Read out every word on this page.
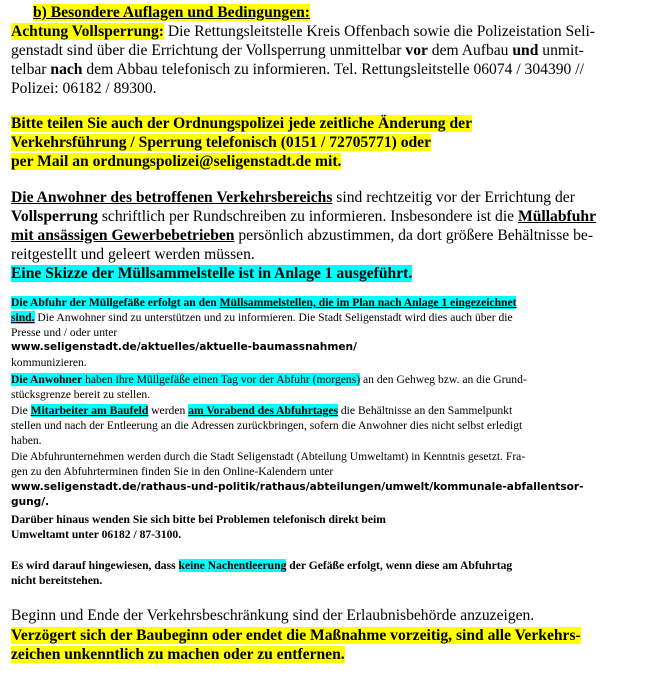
b) Besondere Auflagen und Bedingungen:
Achtung Vollsperrung: Die Rettungsleitstelle Kreis Offenbach sowie die Polizeistation Seli-
genstadt sind über die Errichtung der Vollsperrung unmittelbar vor dem Aufbau und unmit-
telbar nach dem Abbau telefonisch zu informieren. Tel. Rettungsleitstelle 06074 / 304390 //
Polizei: 06182 / 89300.
Bitte teilen Sie auch der Ordnungspolizei jede zeitliche Änderung der
Verkehrsführung / Sperrung telefonisch (0151 / 72705771) oder
per Mail an ordnungspolizei@seligenstadt.de mit.
Die Anwohner des betroffenen Verkehrsbereichs sind rechtzeitig vor der Errichtung der
Vollsperrung schriftlich per Rundschreiben zu informieren. Insbesondere ist die Müllabfuhr
mit ansässigen Gewerbebetrieben persönlich abzustimmen, da dort größere Behältnisse be-
reitgestellt und geleert werden müssen.
Eine Skizze der Müllsammelstelle ist in Anlage 1 ausgeführt.
Die Abfuhr der Müllgefäße erfolgt an den Müllsammelstellen, die im Plan nach Anlage 1 eingezeichnet
sind. Die Anwohner sind zu unterstützen und zu informieren. Die Stadt Seligenstadt wird dies auch über die
Presse und / oder unter
www.seligenstadt.de/aktuelles/aktuelle-baumassnahmen/
kommunizieren.
Die Anwohner haben ihre Müllgefäße einen Tag vor der Abfuhr (morgens) an den Gehweg bzw. an die Grund-
stücksgrenze bereit zu stellen.
Die Mitarbeiter am Baufeld werden am Vorabend des Abfuhrtages die Behältnisse an den Sammelpunkt
stellen und nach der Entleerung an die Adressen zurückbringen, sofern die Anwohner dies nicht selbst erledigt
haben.
Die Abfuhrunternehmen werden durch die Stadt Seligenstadt (Abteilung Umweltamt) in Kenntnis gesetzt. Fra-
gen zu den Abfuhrterminen finden Sie in den Online-Kalendern unter
www.seligenstadt.de/rathaus-und-politik/rathaus/abteilungen/umwelt/kommunale-abfallentsor-
gung/.
Darüber hinaus wenden Sie sich bitte bei Problemen telefonisch direkt beim
Umweltamt unter 06182 / 87-3100.
Es wird darauf hingewiesen, dass keine Nachentleerung der Gefäße erfolgt, wenn diese am Abfuhrtag
nicht bereitstehen.
Beginn und Ende der Verkehrsbeschränkung sind der Erlaubnisbehörde anzuzeigen.
Verzögert sich der Baubeginn oder endet die Maßnahme vorzeitig, sind alle Verkehrs-
zeichen unkenntlich zu machen oder zu entfernen.
